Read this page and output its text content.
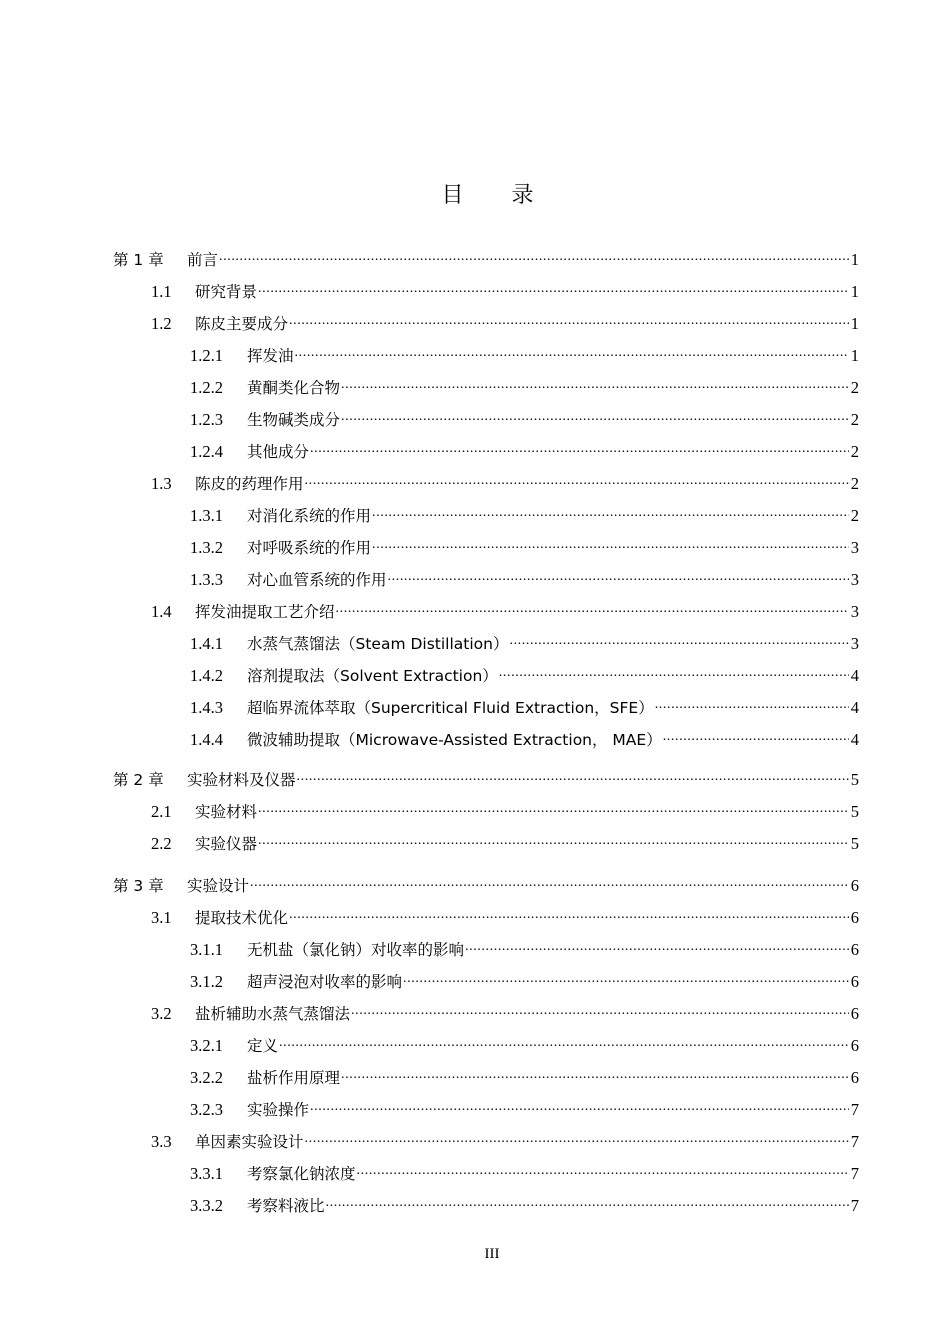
目 录
第 1 章	前言 .....	1
1.1	研究背景 .....	1
1.2	陈皮主要成分 .....	1
1.2.1	挥发油 .....	1
1.2.2	黄酮类化合物 .....	2
1.2.3	生物碱类成分 .....	2
1.2.4	其他成分 .....	2
1.3	陈皮的药理作用 .....	2
1.3.1	对消化系统的作用 .....	2
1.3.2	对呼吸系统的作用 .....	3
1.3.3	对心血管系统的作用 .....	3
1.4	挥发油提取工艺介绍 .....	3
1.4.1	水蒸气蒸馏法（Steam Distillation） .....	3
1.4.2	溶剂提取法（Solvent Extraction） .....	4
1.4.3	超临界流体萃取（Supercritical Fluid Extraction，SFE） .....	4
1.4.4	微波辅助提取（Microwave-Assisted Extraction， MAE） .....	4
第 2 章	实验材料及仪器 .....	5
2.1	实验材料 .....	5
2.2	实验仪器 .....	5
第 3 章	实验设计 .....	6
3.1	提取技术优化 .....	6
3.1.1	无机盐（氯化钠）对收率的影响 .....	6
3.1.2	超声浸泡对收率的影响 .....	6
3.2	盐析辅助水蒸气蒸馏法 .....	6
3.2.1	定义 .....	6
3.2.2	盐析作用原理 .....	6
3.2.3	实验操作 .....	7
3.3	单因素实验设计 .....	7
3.3.1	考察氯化钠浓度 .....	7
3.3.2	考察料液比 .....	7
III
